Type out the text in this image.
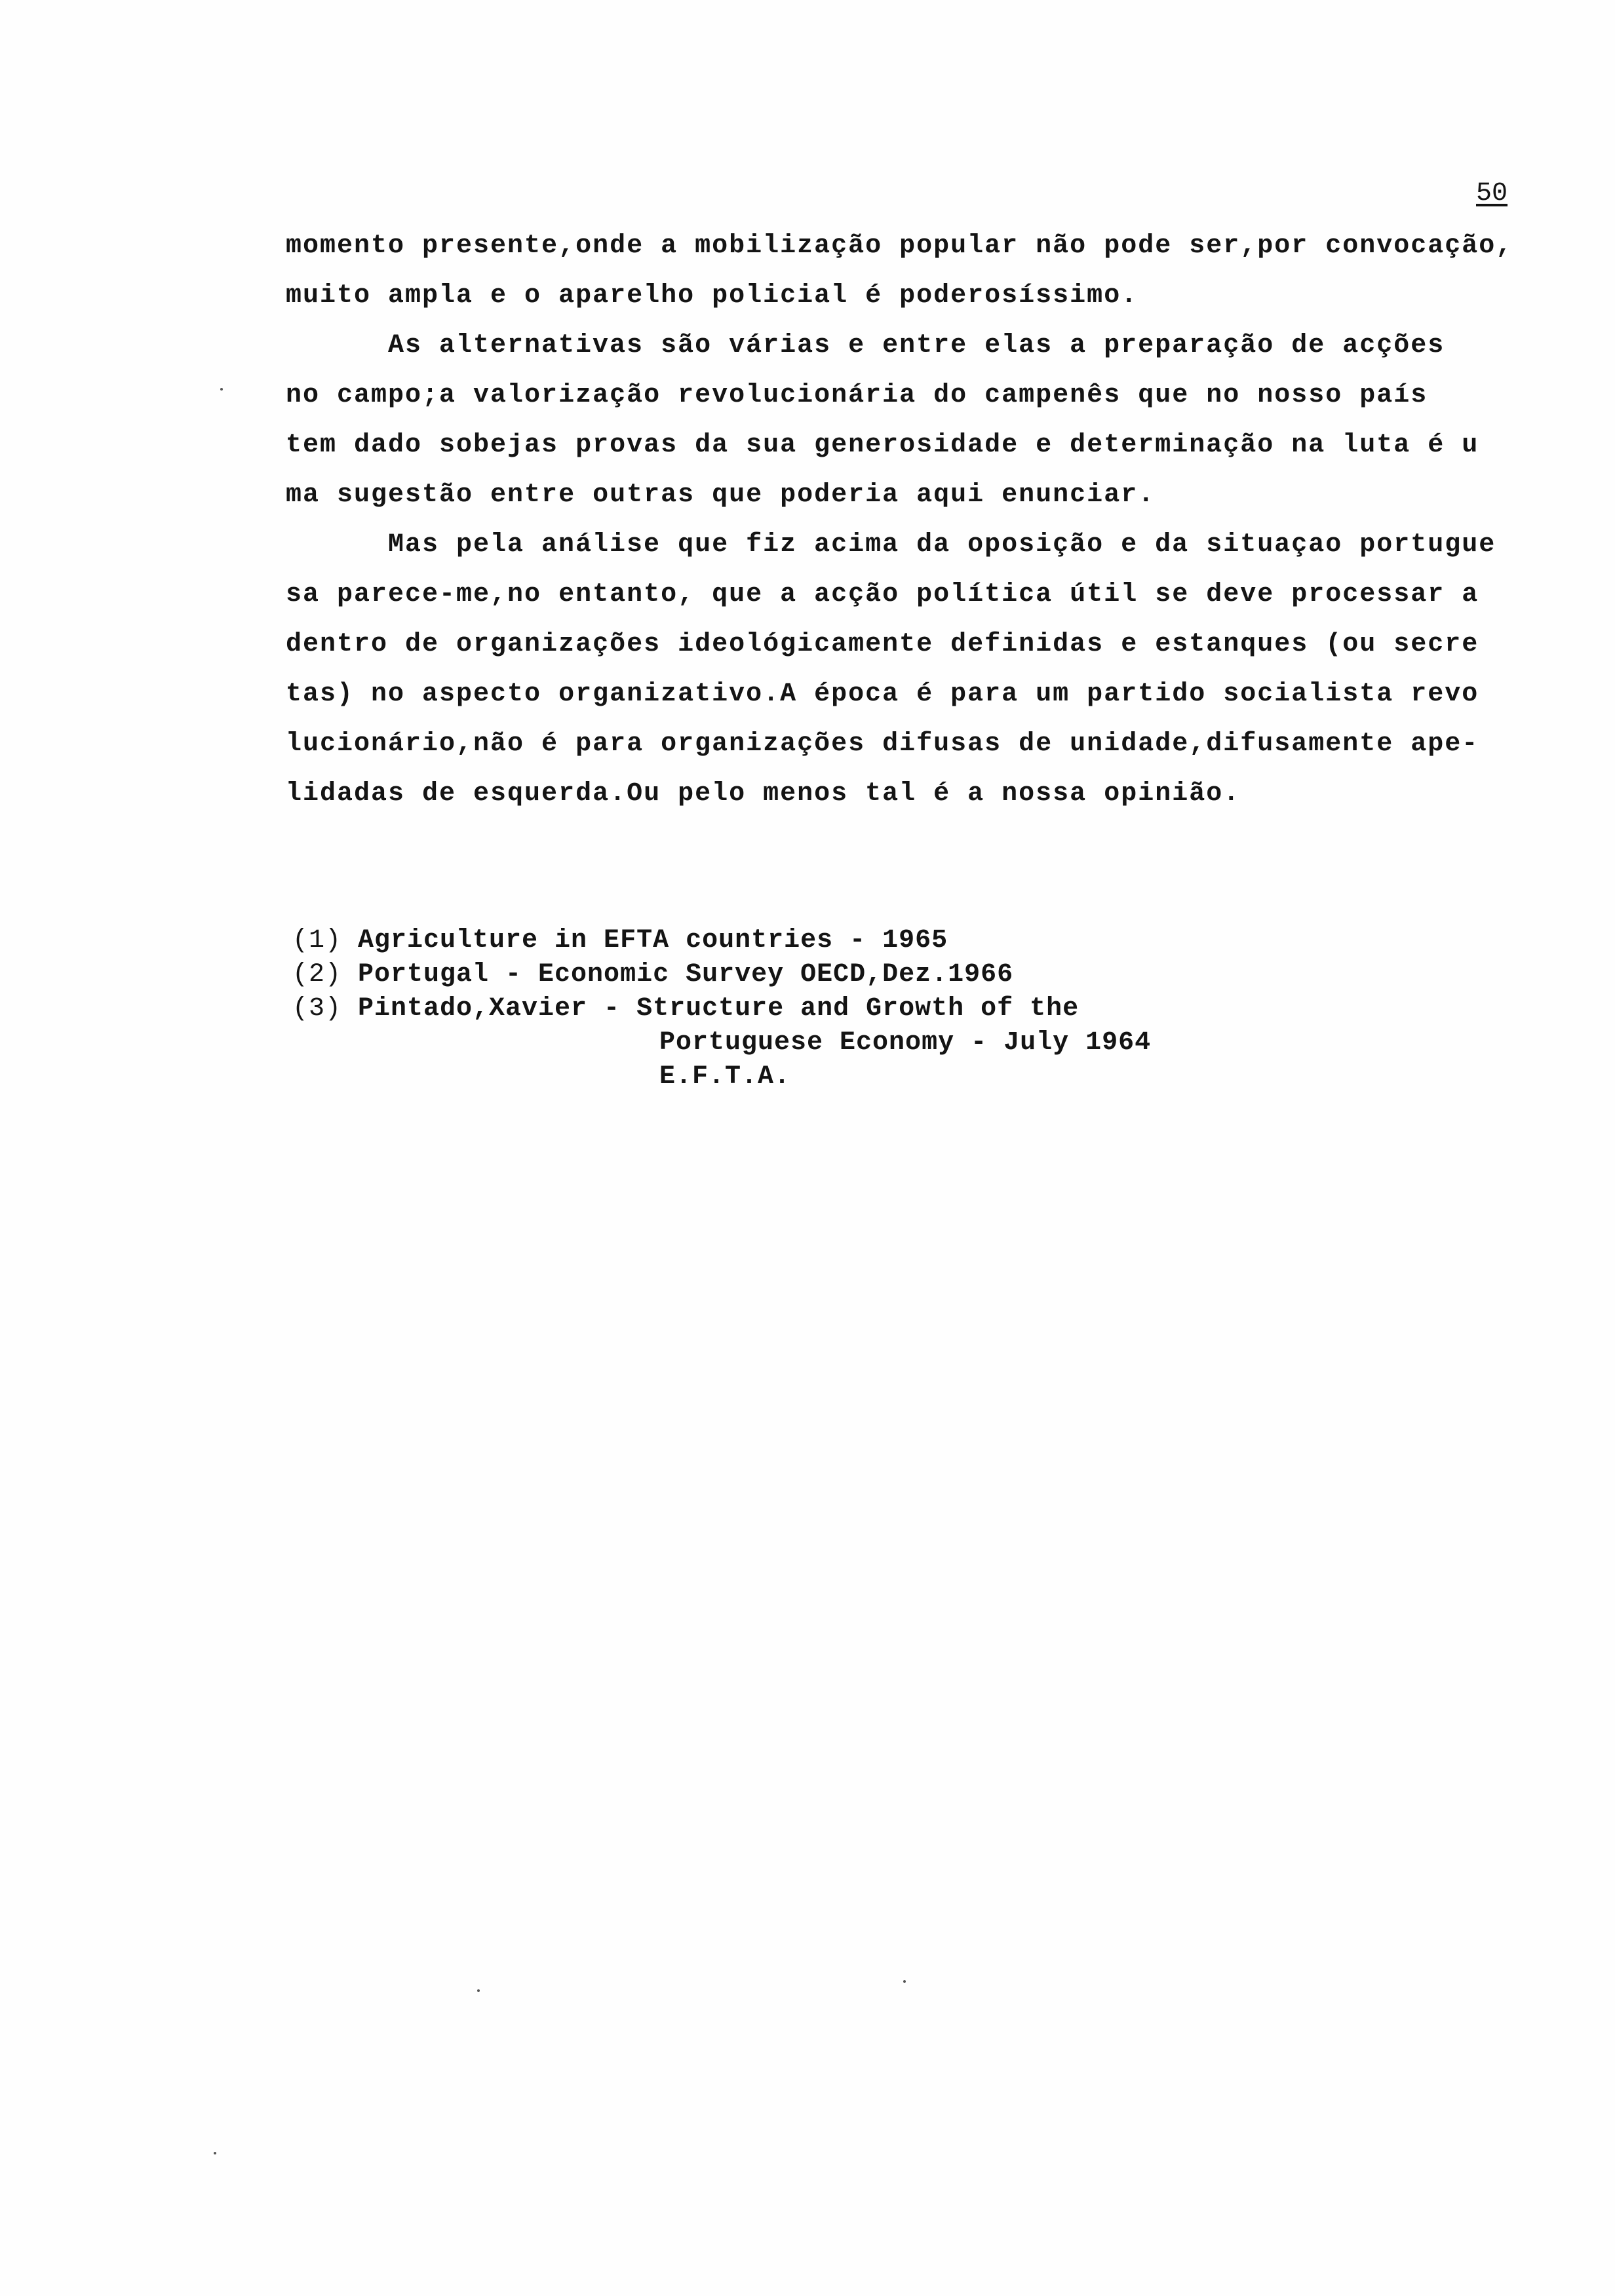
50
momento presente,onde a mobilização popular não pode ser,por convocação,
muito ampla e o aparelho policial é poderosíssimo.
As alternativas são várias e entre elas a preparação de acções
no campo;a valorização revolucionária do campenês que no nosso país
tem dado sobejas provas da sua generosidade e determinação na luta é u
ma sugestão entre outras que poderia aqui enunciar.
Mas pela análise que fiz acima da oposição e da situaçao portugue
sa parece-me,no entanto, que a acção política útil se deve processar a
dentro de organizações ideológicamente definidas e estanques (ou secre
tas) no aspecto organizativo.A época é para um partido socialista revo
lucionário,não é para organizações difusas de unidade,difusamente ape-
lidadas de esquerda.Ou pelo menos tal é a nossa opinião.
(1) Agriculture in EFTA countries - 1965
(2) Portugal - Economic Survey OECD,Dez.1966
(3) Pintado,Xavier - Structure and Growth of the
Portuguese Economy - July 1964
E.F.T.A.
